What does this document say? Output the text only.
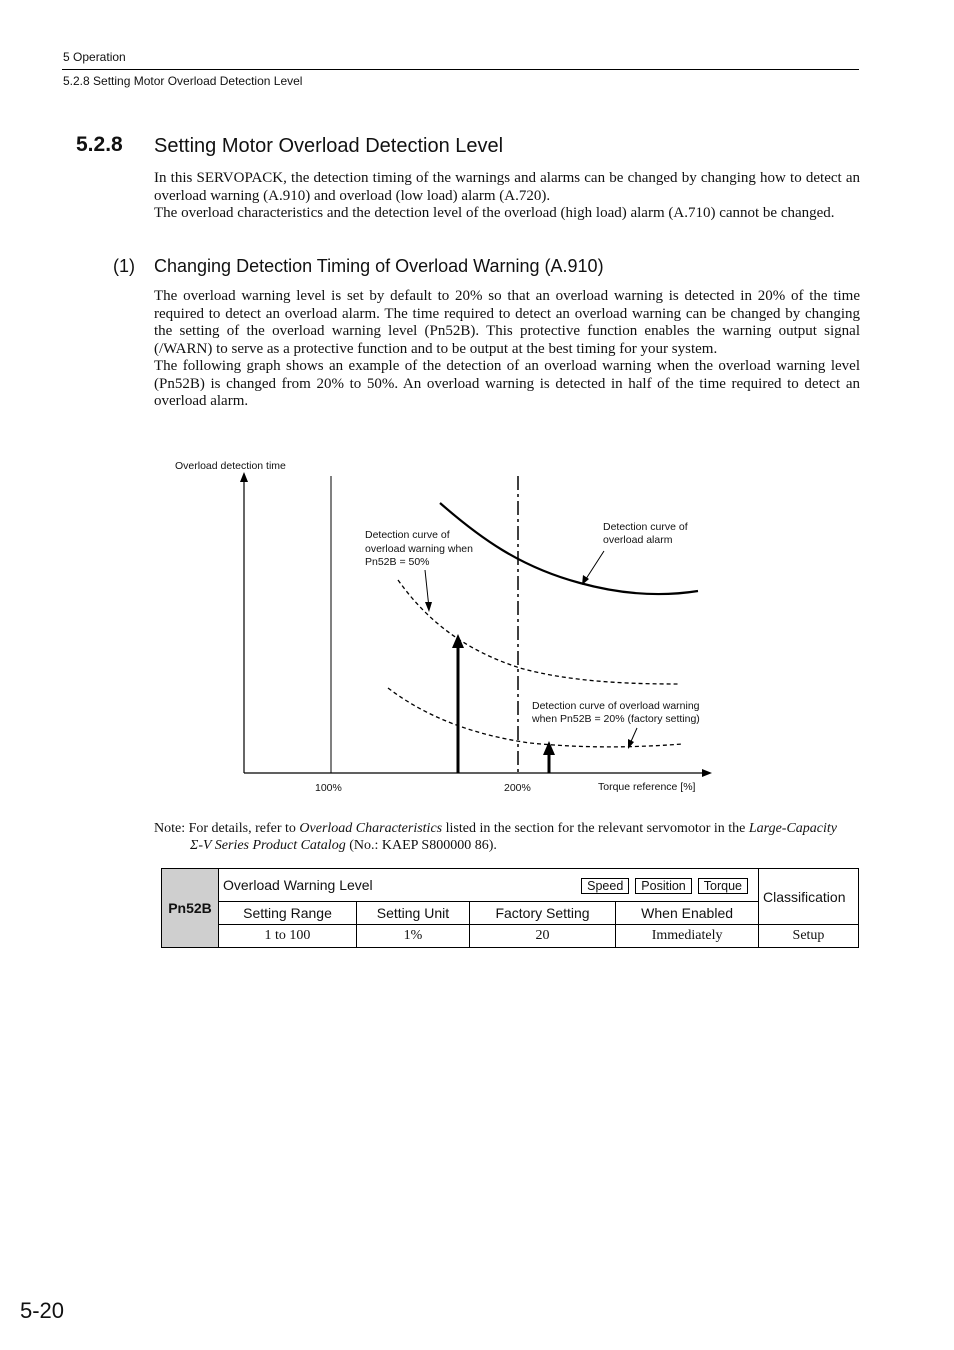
5 Operation
5.2.8 Setting Motor Overload Detection Level
5.2.8 Setting Motor Overload Detection Level
In this SERVOPACK, the detection timing of the warnings and alarms can be changed by changing how to detect an overload warning (A.910) and overload (low load) alarm (A.720).
The overload characteristics and the detection level of the overload (high load) alarm (A.710) cannot be changed.
(1) Changing Detection Timing of Overload Warning (A.910)
The overload warning level is set by default to 20% so that an overload warning is detected in 20% of the time required to detect an overload alarm. The time required to detect an overload warning can be changed by changing the setting of the overload warning level (Pn52B). This protective function enables the warning output signal (/WARN) to serve as a protective function and to be output at the best timing for your system.
The following graph shows an example of the detection of an overload warning when the overload warning level (Pn52B) is changed from 20% to 50%. An overload warning is detected in half of the time required to detect an overload alarm.
Overload detection time
Torque reference [%]
100%	200%
Detection curve of
overload alarm
Detection curve of
overload warning when
Pn52B = 50%
Detection curve of overload warning
when Pn52B = 20% (factory setting)
Note: For details, refer to Overload Characteristics listed in the section for the relevant servomotor in the Large-Capacity
Σ-V Series Product Catalog (No.: KAEP S800000 86).
Pn52B	Overload Warning Level Speed Position Torque				Classification
	Setting Range	Setting Unit	Factory Setting	When Enabled	
	1 to 100	1%	20	Immediately	Setup
5-20
